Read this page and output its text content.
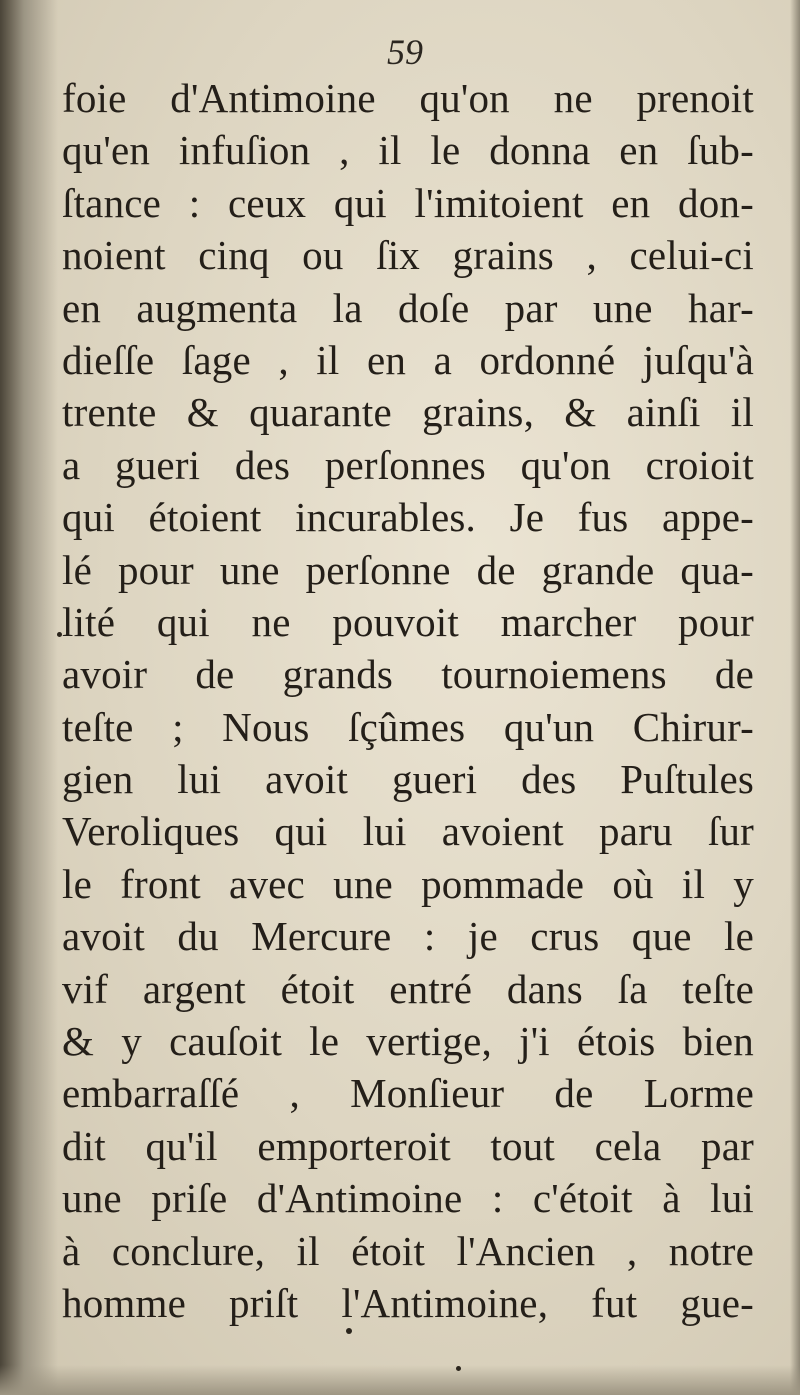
59
foie d'Antimoine qu'on ne prenoit
qu'en infuſion , il le donna en ſub-
ſtance : ceux qui l'imitoient en don-
noient cinq ou ſix grains , celui-ci
en augmenta la doſe par une har-
dieſſe ſage , il en a ordonné juſqu'à
trente & quarante grains, & ainſi il
a gueri des perſonnes qu'on croioit
qui étoient incurables. Je fus appe-
lé pour une perſonne de grande qua-
lité qui ne pouvoit marcher pour
avoir de grands tournoiemens de
teſte ; Nous ſçûmes qu'un Chirur-
gien lui avoit gueri des Puſtules
Veroliques qui lui avoient paru ſur
le front avec une pommade où il y
avoit du Mercure : je crus que le
vif argent étoit entré dans ſa teſte
& y cauſoit le vertige, j'i étois bien
embarraſſé , Monſieur de Lorme
dit qu'il emporteroit tout cela par
une priſe d'Antimoine : c'étoit à lui
à conclure, il étoit l'Ancien , notre
homme priſt l'Antimoine, fut gue-
